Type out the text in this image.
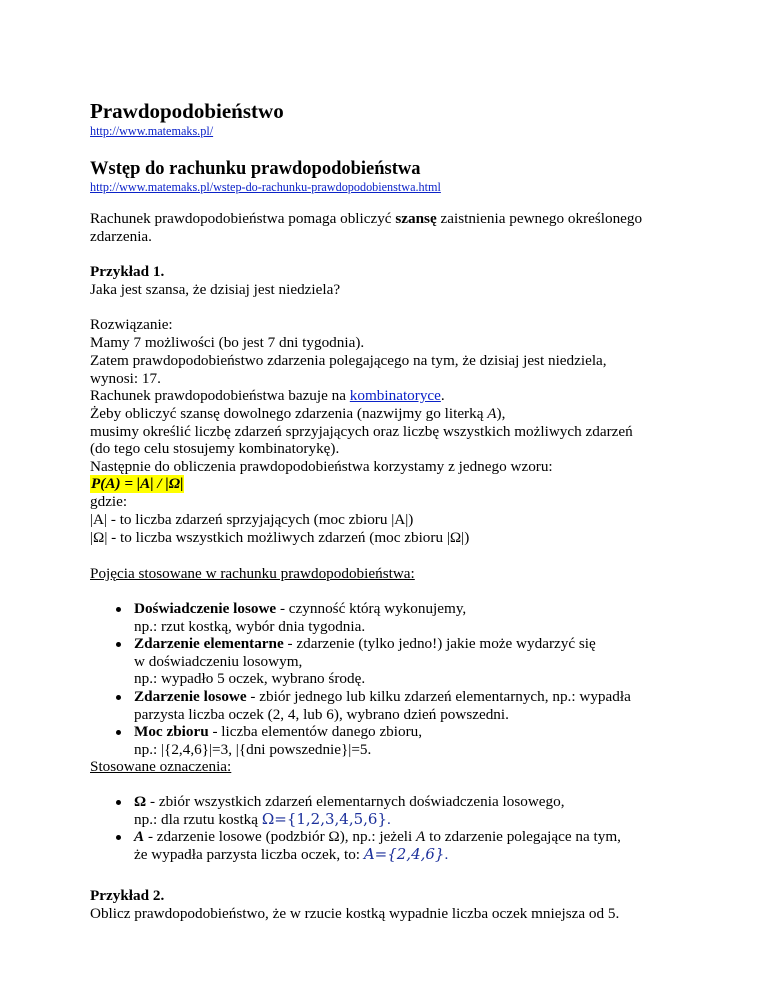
Prawdopodobieństwo
http://www.matemaks.pl/
Wstęp do rachunku prawdopodobieństwa
http://www.matemaks.pl/wstep-do-rachunku-prawdopodobienstwa.html

Rachunek prawdopodobieństwa pomaga obliczyć szansę zaistnienia pewnego określonego

zdarzenia.

Przykład 1.

Jaka jest szansa, że dzisiaj jest niedziela?

Rozwiązanie:

Mamy 7 możliwości (bo jest 7 dni tygodnia).

Zatem prawdopodobieństwo zdarzenia polegającego na tym, że dzisiaj jest niedziela,

wynosi: 17.

Rachunek prawdopodobieństwa bazuje na kombinatoryce.

Żeby obliczyć szansę dowolnego zdarzenia (nazwijmy go literką A),

musimy określić liczbę zdarzeń sprzyjających oraz liczbę wszystkich możliwych zdarzeń

(do tego celu stosujemy kombinatorykę).

Następnie do obliczenia prawdopodobieństwa korzystamy z jednego wzoru:

P(A) = |A| / |Ω|

gdzie:

|A| - to liczba zdarzeń sprzyjających (moc zbioru |A|)

|Ω| - to liczba wszystkich możliwych zdarzeń (moc zbioru |Ω|)

Pojęcia stosowane w rachunku prawdopodobieństwa:

Doświadczenie losowe - czynność którą wykonujemy,
np.: rzut kostką, wybór dnia tygodnia.
Zdarzenie elementarne - zdarzenie (tylko jedno!) jakie może wydarzyć się
w doświadczeniu losowym,
np.: wypadło 5 oczek, wybrano środę.
Zdarzenie losowe - zbiór jednego lub kilku zdarzeń elementarnych, np.: wypadła
parzysta liczba oczek (2, 4, lub 6), wybrano dzień powszedni.
Moc zbioru - liczba elementów danego zbioru,
np.: |{2,4,6}|=3, |{dni powszednie}|=5.

Stosowane oznaczenia:

Ω - zbiór wszystkich zdarzeń elementarnych doświadczenia losowego,
np.: dla rzutu kostką Ω={1,2,3,4,5,6}.
A - zdarzenie losowe (podzbiór Ω), np.: jeżeli A to zdarzenie polegające na tym,
że wypadła parzysta liczba oczek, to: A={2,4,6}.

Przykład 2.

Oblicz prawdopodobieństwo, że w rzucie kostką wypadnie liczba oczek mniejsza od 5.
